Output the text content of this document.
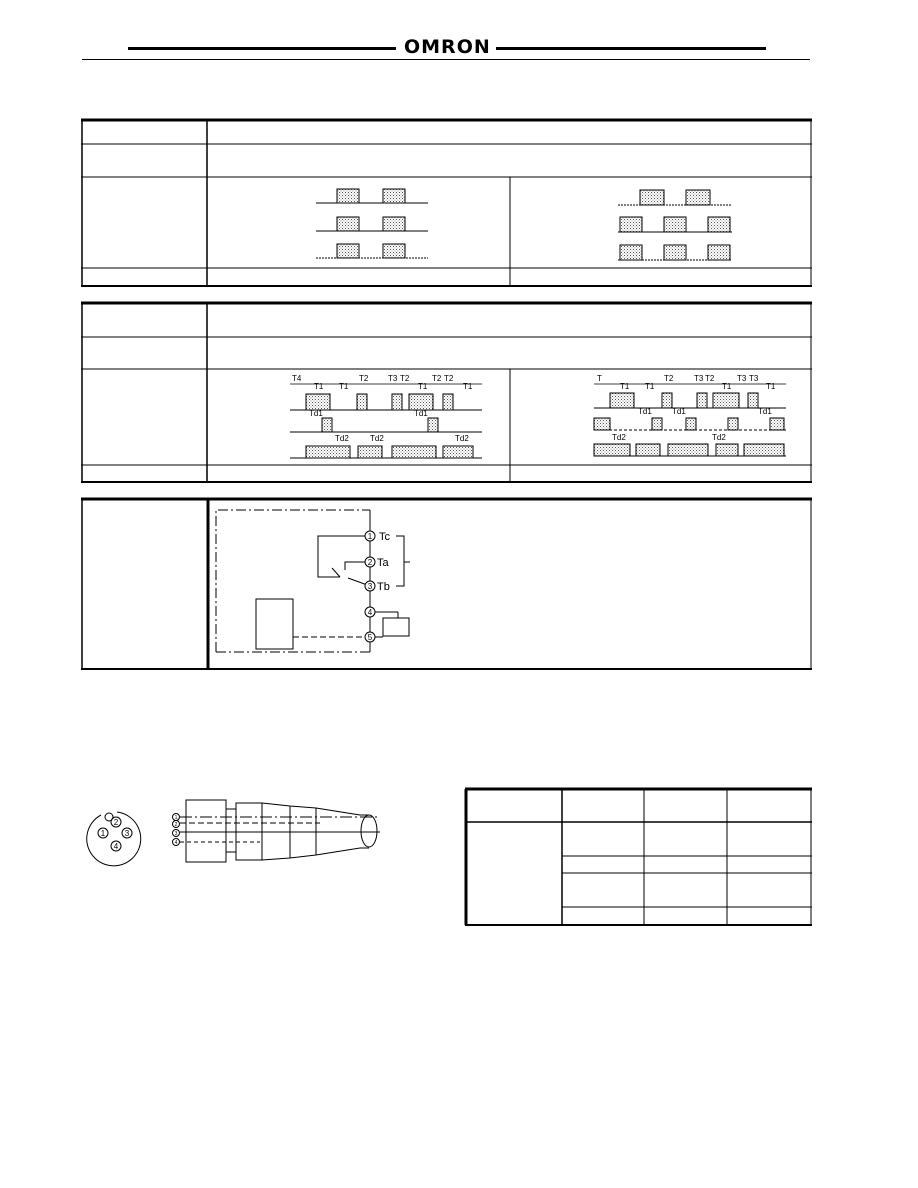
OMRON
T4
T1 T1
T2 T3 T2
T1
T2 T2
T1
Td1	Td1
Td2	Td2	Td2
T
T1 T1
T2	T3 T2
T1
T3 T3
T1
Td1	Td1	Td1
Td2	Td2
1
2
3
4
5
Tc
Ta
Tb
1
2
3
4
1
2
3
4
